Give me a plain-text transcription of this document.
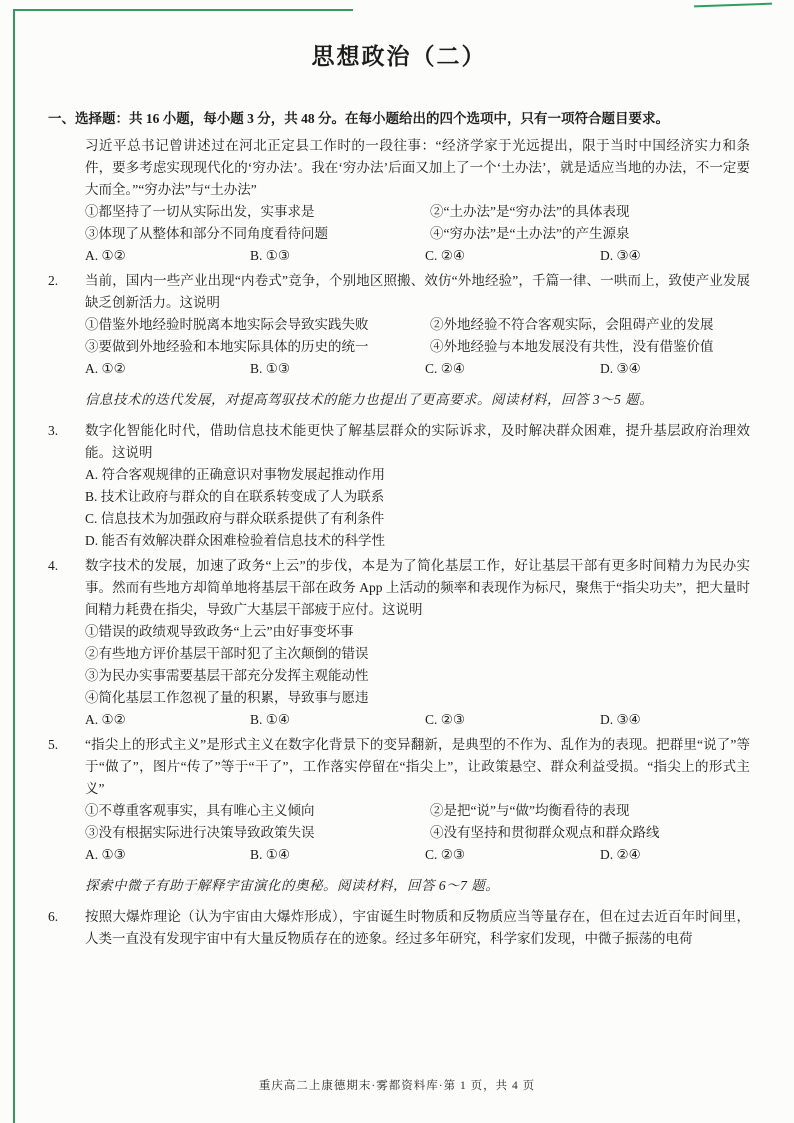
思想政治（二）

一、选择题：共 16 小题，每小题 3 分，共 48 分。在每小题给出的四个选项中，只有一项符合题目要求。

习近平总书记曾讲述过在河北正定县工作时的一段往事：“经济学家于光远提出，限于当时中国经济实力和条件，要多考虑实现现代化的‘穷办法’。我在‘穷办法’后面又加上了一个‘土办法’，就是适应当地的办法，不一定要大而全。”“穷办法”与“土办法”

①都坚持了一切从实际出发，实事求是	②“土办法”是“穷办法”的具体表现
③体现了从整体和部分不同角度看待问题	④“穷办法”是“土办法”的产生源泉
A. ①②	B. ①③	C. ②④	D. ③④
2.	当前，国内一些产业出现“内卷式”竞争，个别地区照搬、效仿“外地经验”，千篇一律、一哄而上，致使产业发展缺乏创新活力。这说明

①借鉴外地经验时脱离本地实际会导致实践失败	②外地经验不符合客观实际，会阻碍产业的发展
③要做到外地经验和本地实际具体的历史的统一	④外地经验与本地发展没有共性，没有借鉴价值
A. ①②	B. ①③	C. ②④	D. ③④

信息技术的迭代发展，对提高驾驭技术的能力也提出了更高要求。阅读材料，回答 3～5 题。

3.	数字化智能化时代，借助信息技术能更快了解基层群众的实际诉求，及时解决群众困难，提升基层政府治理效能。这说明

A. 符合客观规律的正确意识对事物发展起推动作用
B. 技术让政府与群众的自在联系转变成了人为联系
C. 信息技术为加强政府与群众联系提供了有利条件
D. 能否有效解决群众困难检验着信息技术的科学性
4.	数字技术的发展，加速了政务“上云”的步伐，本是为了简化基层工作，好让基层干部有更多时间精力为民办实事。然而有些地方却简单地将基层干部在政务 App 上活动的频率和表现作为标尺，聚焦于“指尖功夫”，把大量时间精力耗费在指尖，导致广大基层干部疲于应付。这说明

①错误的政绩观导致政务“上云”由好事变坏事
②有些地方评价基层干部时犯了主次颠倒的错误
③为民办实事需要基层干部充分发挥主观能动性
④简化基层工作忽视了量的积累，导致事与愿违
A. ①②	B. ①④	C. ②③	D. ③④
5.	“指尖上的形式主义”是形式主义在数字化背景下的变异翻新，是典型的不作为、乱作为的表现。把群里“说了”等于“做了”，图片“传了”等于“干了”，工作落实停留在“指尖上”，让政策悬空、群众利益受损。“指尖上的形式主义”

①不尊重客观事实，具有唯心主义倾向	②是把“说”与“做”均衡看待的表现
③没有根据实际进行决策导致政策失误	④没有坚持和贯彻群众观点和群众路线
A. ①③	B. ①④	C. ②③	D. ②④

探索中微子有助于解释宇宙演化的奥秘。阅读材料，回答 6～7 题。

6.	按照大爆炸理论（认为宇宙由大爆炸形成），宇宙诞生时物质和反物质应当等量存在，但在过去近百年时间里，人类一直没有发现宇宙中有大量反物质存在的迹象。经过多年研究，科学家们发现，中微子振荡的电荷

重庆高二上康德期末·雾都资料库·第 1 页，共 4 页
